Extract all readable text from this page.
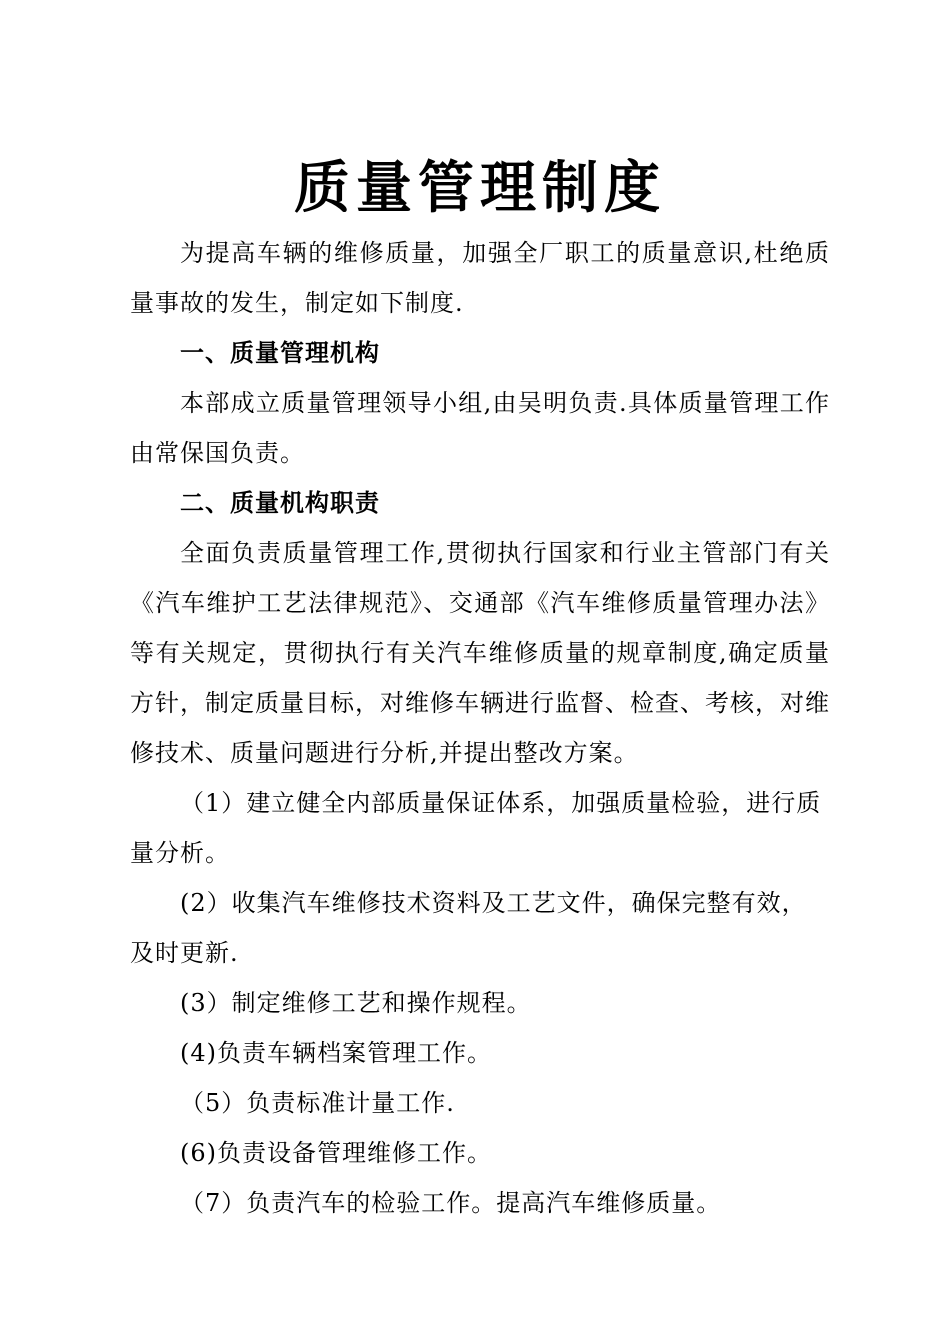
质量管理制度

为提高车辆的维修质量，加强全厂职工的质量意识,杜绝质量事故的发生，制定如下制度.

一、质量管理机构

本部成立质量管理领导小组,由吴明负责.具体质量管理工作由常保国负责。

二、质量机构职责

全面负责质量管理工作,贯彻执行国家和行业主管部门有关《汽车维护工艺法律规范》、交通部《汽车维修质量管理办法》等有关规定，贯彻执行有关汽车维修质量的规章制度,确定质量方针，制定质量目标，对维修车辆进行监督、检查、考核，对维修技术、质量问题进行分析,并提出整改方案。

（1）建立健全内部质量保证体系，加强质量检验，进行质量分析。

(2）收集汽车维修技术资料及工艺文件，确保完整有效，及时更新.

(3）制定维修工艺和操作规程。

(4)负责车辆档案管理工作。

（5）负责标准计量工作.

(6)负责设备管理维修工作。

（7）负责汽车的检验工作。提高汽车维修质量。
